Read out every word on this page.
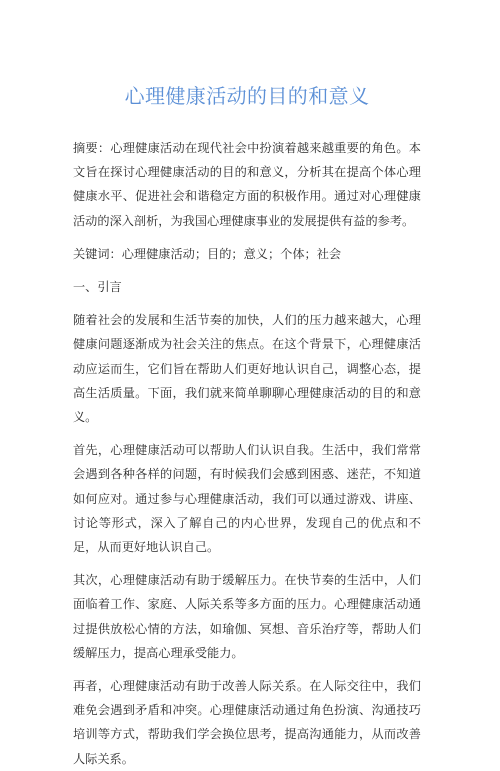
心理健康活动的目的和意义

摘要：心理健康活动在现代社会中扮演着越来越重要的角色。本文旨在探讨心理健康活动的目的和意义，分析其在提高个体心理健康水平、促进社会和谐稳定方面的积极作用。通过对心理健康活动的深入剖析，为我国心理健康事业的发展提供有益的参考。

关键词：心理健康活动；目的；意义；个体；社会

一、引言

随着社会的发展和生活节奏的加快，人们的压力越来越大，心理健康问题逐渐成为社会关注的焦点。在这个背景下，心理健康活动应运而生，它们旨在帮助人们更好地认识自己，调整心态，提高生活质量。下面，我们就来简单聊聊心理健康活动的目的和意义。

首先，心理健康活动可以帮助人们认识自我。生活中，我们常常会遇到各种各样的问题，有时候我们会感到困惑、迷茫，不知道如何应对。通过参与心理健康活动，我们可以通过游戏、讲座、讨论等形式，深入了解自己的内心世界，发现自己的优点和不足，从而更好地认识自己。

其次，心理健康活动有助于缓解压力。在快节奏的生活中，人们面临着工作、家庭、人际关系等多方面的压力。心理健康活动通过提供放松心情的方法，如瑜伽、冥想、音乐治疗等，帮助人们缓解压力，提高心理承受能力。

再者，心理健康活动有助于改善人际关系。在人际交往中，我们难免会遇到矛盾和冲突。心理健康活动通过角色扮演、沟通技巧培训等方式，帮助我们学会换位思考，提高沟通能力，从而改善人际关系。
